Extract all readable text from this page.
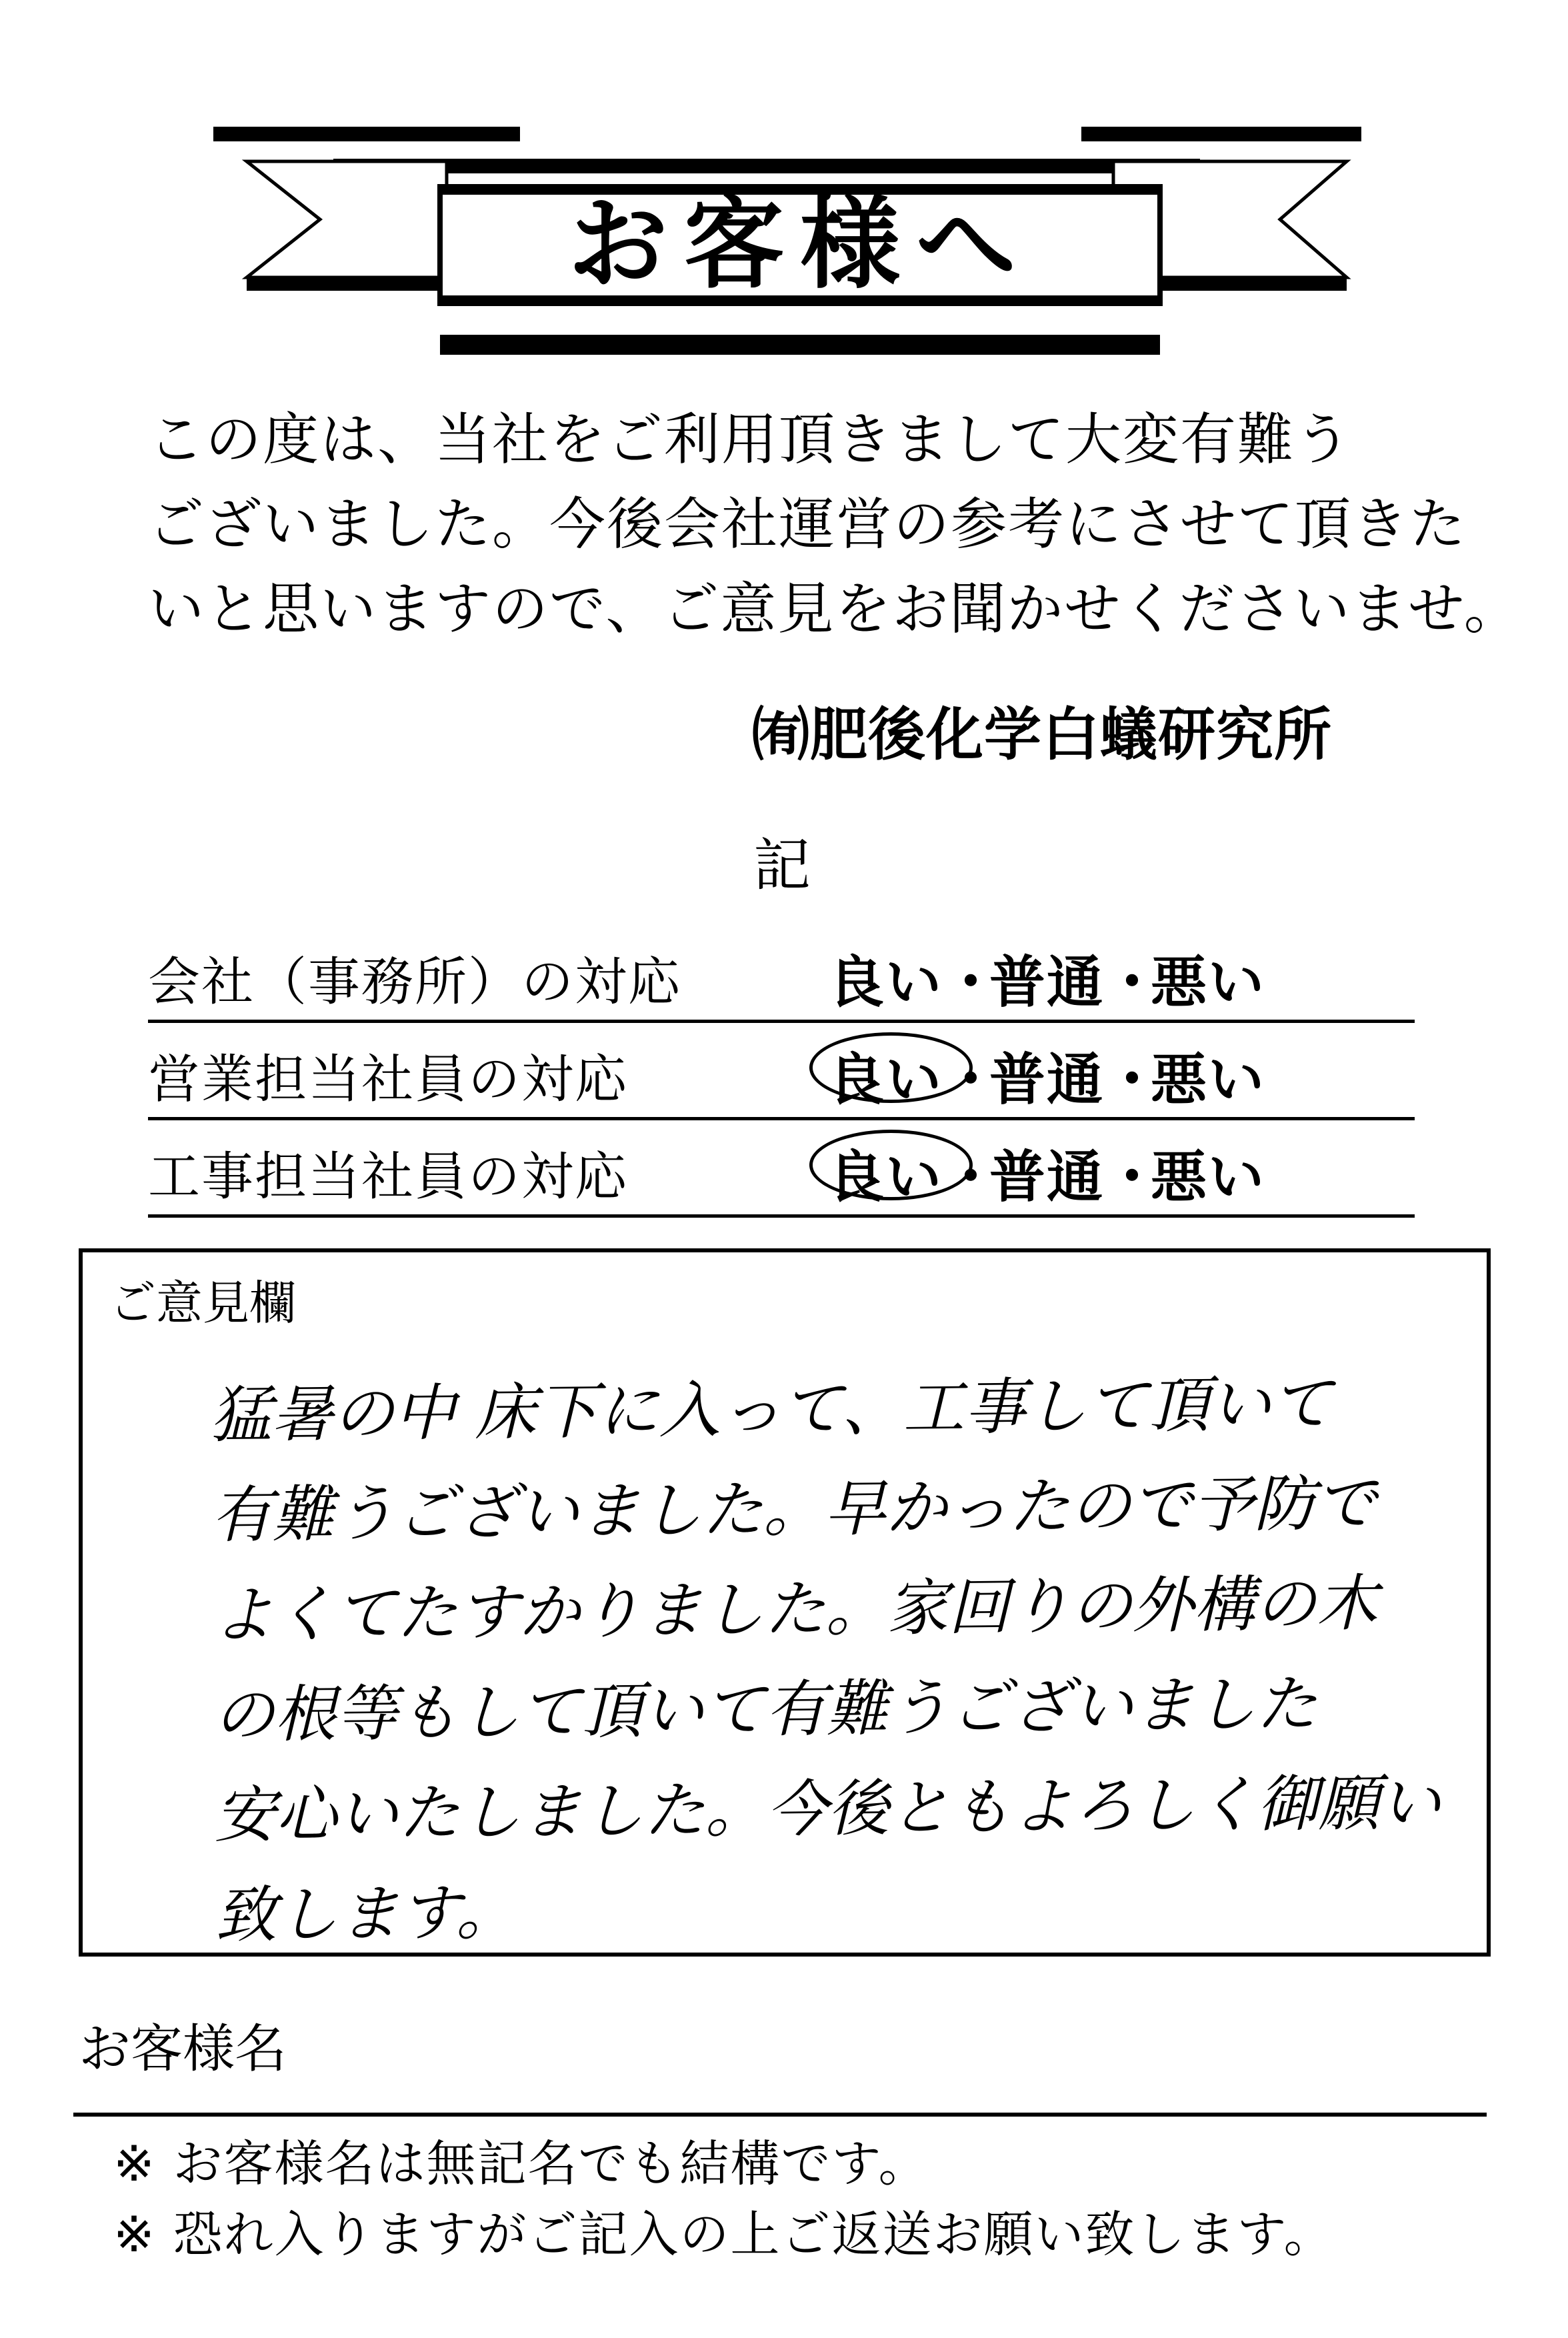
お客様へ
この度は、当社をご利用頂きまして大変有難う
ございました。今後会社運営の参考にさせて頂きた
いと思いますので、ご意見をお聞かせくださいませ。
㈲肥後化学白蟻研究所
記
会社（事務所）の対応	良い・普通・悪い
営業担当社員の対応	良い・普通・悪い
工事担当社員の対応	良い・普通・悪い
ご意見欄
猛暑の中 床下に入って、工事して頂いて
有難うございました。早かったので予防で
よくてたすかりました。家回りの外構の木
の根等もして頂いて有難うございました
安心いたしました。今後ともよろしく御願い
致します。
お客様名
※ お客様名は無記名でも結構です。
※ 恐れ入りますがご記入の上ご返送お願い致します。
